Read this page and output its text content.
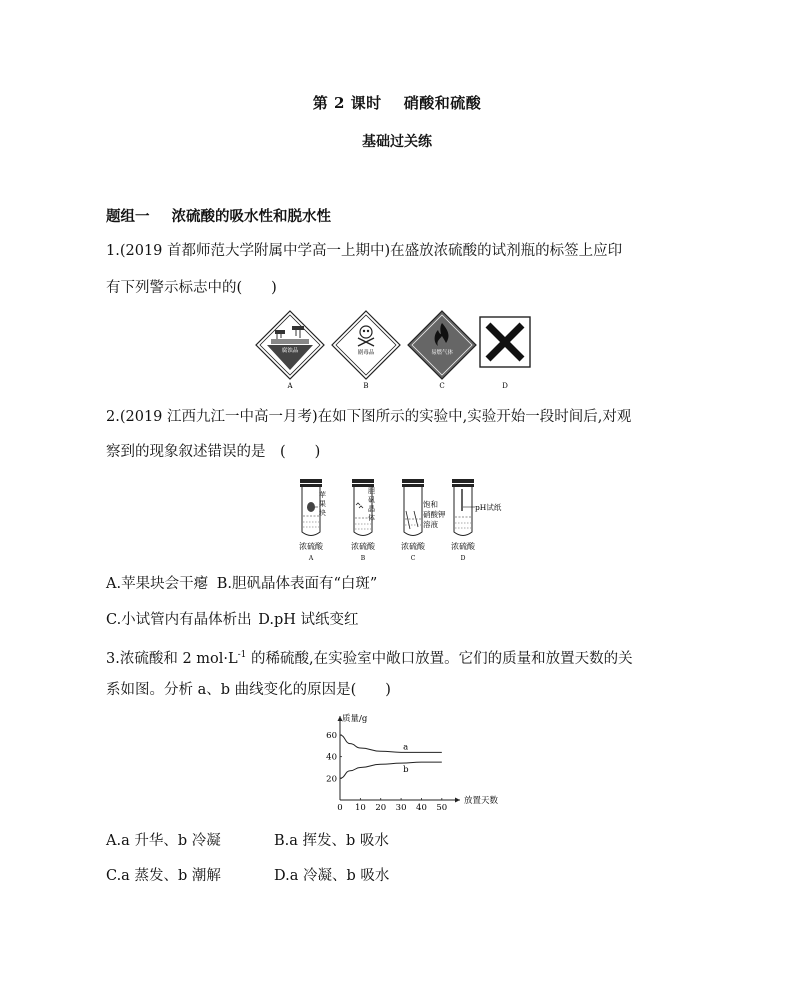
第 2 课时 硝酸和硫酸
基础过关练
题组一 浓硫酸的吸水性和脱水性
1.(2019 首都师范大学附属中学高一上期中)在盛放浓硫酸的试剂瓶的标签上应印
有下列警示标志中的(　　)
腐蚀品
A
剧毒品
B
易燃气体
C	D
2.(2019 江西九江一中高一月考)在如下图所示的实验中,实验开始一段时间后,对观
察到的现象叙述错误的是　(　　)
苹
果
块
浓硫酸
A
胆
矾
晶
体
浓硫酸
B
饱和
硝酸钾
溶液
浓硫酸
C
pH试纸
浓硫酸
D
A.苹果块会干瘪 B.胆矾晶体表面有“白斑”
C.小试管内有晶体析出 D.pH 试纸变红
3.浓硫酸和 2 $mol\cdot L^{-1}$ 的稀硫酸,在实验室中敞口放置。它们的质量和放置天数的关
系如图。分析 a、b 曲线变化的原因是(　　)
质量/g
放置天数
0 10 20 30 40 50
20
40
60
a
b
A.a 升华、b 冷凝	B.a 挥发、b 吸水
C.a 蒸发、b 潮解	D.a 冷凝、b 吸水
